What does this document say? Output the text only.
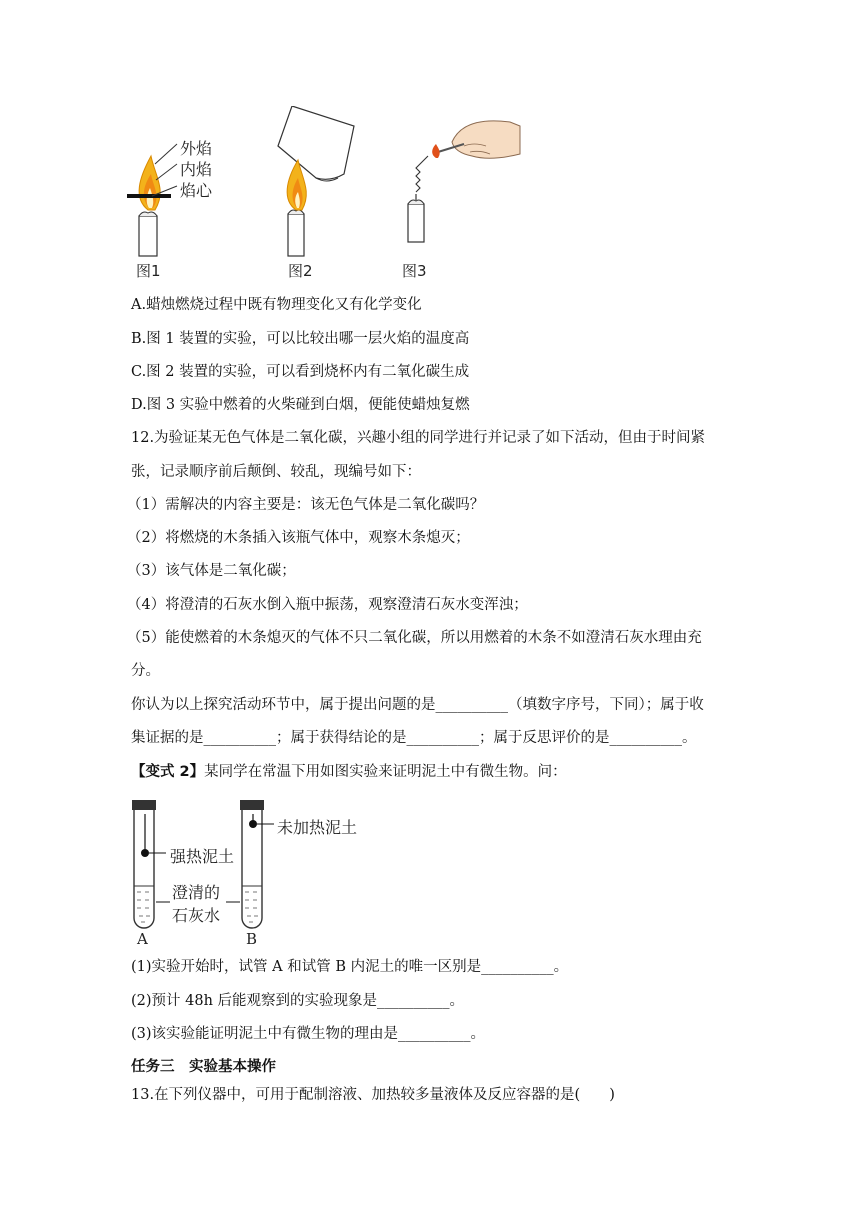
外焰
内焰
焰心
图1	图2	图3
A.蜡烛燃烧过程中既有物理变化又有化学变化
B.图 1 装置的实验，可以比较出哪一层火焰的温度高
C.图 2 装置的实验，可以看到烧杯内有二氧化碳生成
D.图 3 实验中燃着的火柴碰到白烟，便能使蜡烛复燃
12.为验证某无色气体是二氧化碳，兴趣小组的同学进行并记录了如下活动，但由于时间紧
张，记录顺序前后颠倒、较乱，现编号如下：
（1）需解决的内容主要是：该无色气体是二氧化碳吗？
（2）将燃烧的木条插入该瓶气体中，观察木条熄灭；
（3）该气体是二氧化碳；
（4）将澄清的石灰水倒入瓶中振荡，观察澄清石灰水变浑浊；
（5）能使燃着的木条熄灭的气体不只二氧化碳，所以用燃着的木条不如澄清石灰水理由充
分。
你认为以上探究活动环节中，属于提出问题的是__________（填数字序号，下同）；属于收
集证据的是__________；属于获得结论的是__________；属于反思评价的是__________。
【变式 2】某同学在常温下用如图实验来证明泥土中有微生物。问：
强热泥土
未加热泥土
澄清的
石灰水
A	B
(1)实验开始时，试管 A 和试管 B 内泥土的唯一区别是__________。
(2)预计 48h 后能观察到的实验现象是__________。
(3)该实验能证明泥土中有微生物的理由是__________。
任务三　实验基本操作
13.在下列仪器中，可用于配制溶液、加热较多量液体及反应容器的是(　　)
